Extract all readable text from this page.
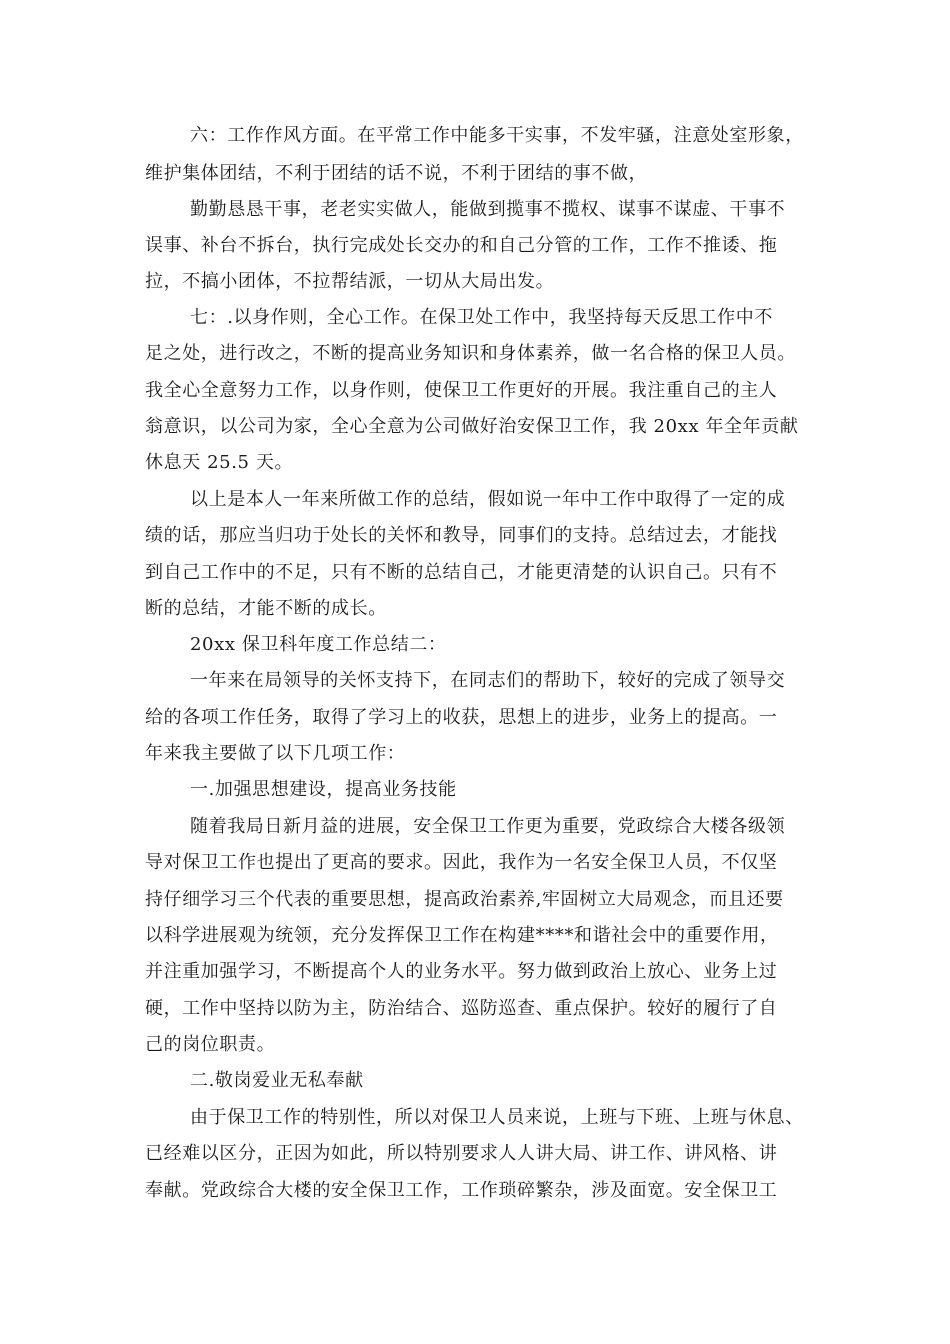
六：工作作风方面。在平常工作中能多干实事，不发牢骚，注意处室形象，
维护集体团结，不利于团结的话不说，不利于团结的事不做，
勤勤恳恳干事，老老实实做人，能做到揽事不揽权、谋事不谋虚、干事不
误事、补台不拆台，执行完成处长交办的和自己分管的工作，工作不推诿、拖
拉，不搞小团体，不拉帮结派，一切从大局出发。
七：.以身作则，全心工作。在保卫处工作中，我坚持每天反思工作中不
足之处，进行改之，不断的提高业务知识和身体素养，做一名合格的保卫人员。
我全心全意努力工作，以身作则，使保卫工作更好的开展。我注重自己的主人
翁意识，以公司为家，全心全意为公司做好治安保卫工作，我 20xx 年全年贡献
休息天 25.5 天。
以上是本人一年来所做工作的总结，假如说一年中工作中取得了一定的成
绩的话，那应当归功于处长的关怀和教导，同事们的支持。总结过去，才能找
到自己工作中的不足，只有不断的总结自己，才能更清楚的认识自己。只有不
断的总结，才能不断的成长。
20xx 保卫科年度工作总结二：
一年来在局领导的关怀支持下，在同志们的帮助下，较好的完成了领导交
给的各项工作任务，取得了学习上的收获，思想上的进步，业务上的提高。一
年来我主要做了以下几项工作：
一.加强思想建设，提高业务技能
随着我局日新月益的进展，安全保卫工作更为重要，党政综合大楼各级领
导对保卫工作也提出了更高的要求。因此，我作为一名安全保卫人员，不仅坚
持仔细学习三个代表的重要思想，提高政治素养,牢固树立大局观念，而且还要
以科学进展观为统领，充分发挥保卫工作在构建****和谐社会中的重要作用，
并注重加强学习，不断提高个人的业务水平。努力做到政治上放心、业务上过
硬，工作中坚持以防为主，防治结合、巡防巡查、重点保护。较好的履行了自
己的岗位职责。
二.敬岗爱业无私奉献
由于保卫工作的特别性，所以对保卫人员来说，上班与下班、上班与休息、
已经难以区分，正因为如此，所以特别要求人人讲大局、讲工作、讲风格、讲
奉献。党政综合大楼的安全保卫工作，工作琐碎繁杂，涉及面宽。安全保卫工
